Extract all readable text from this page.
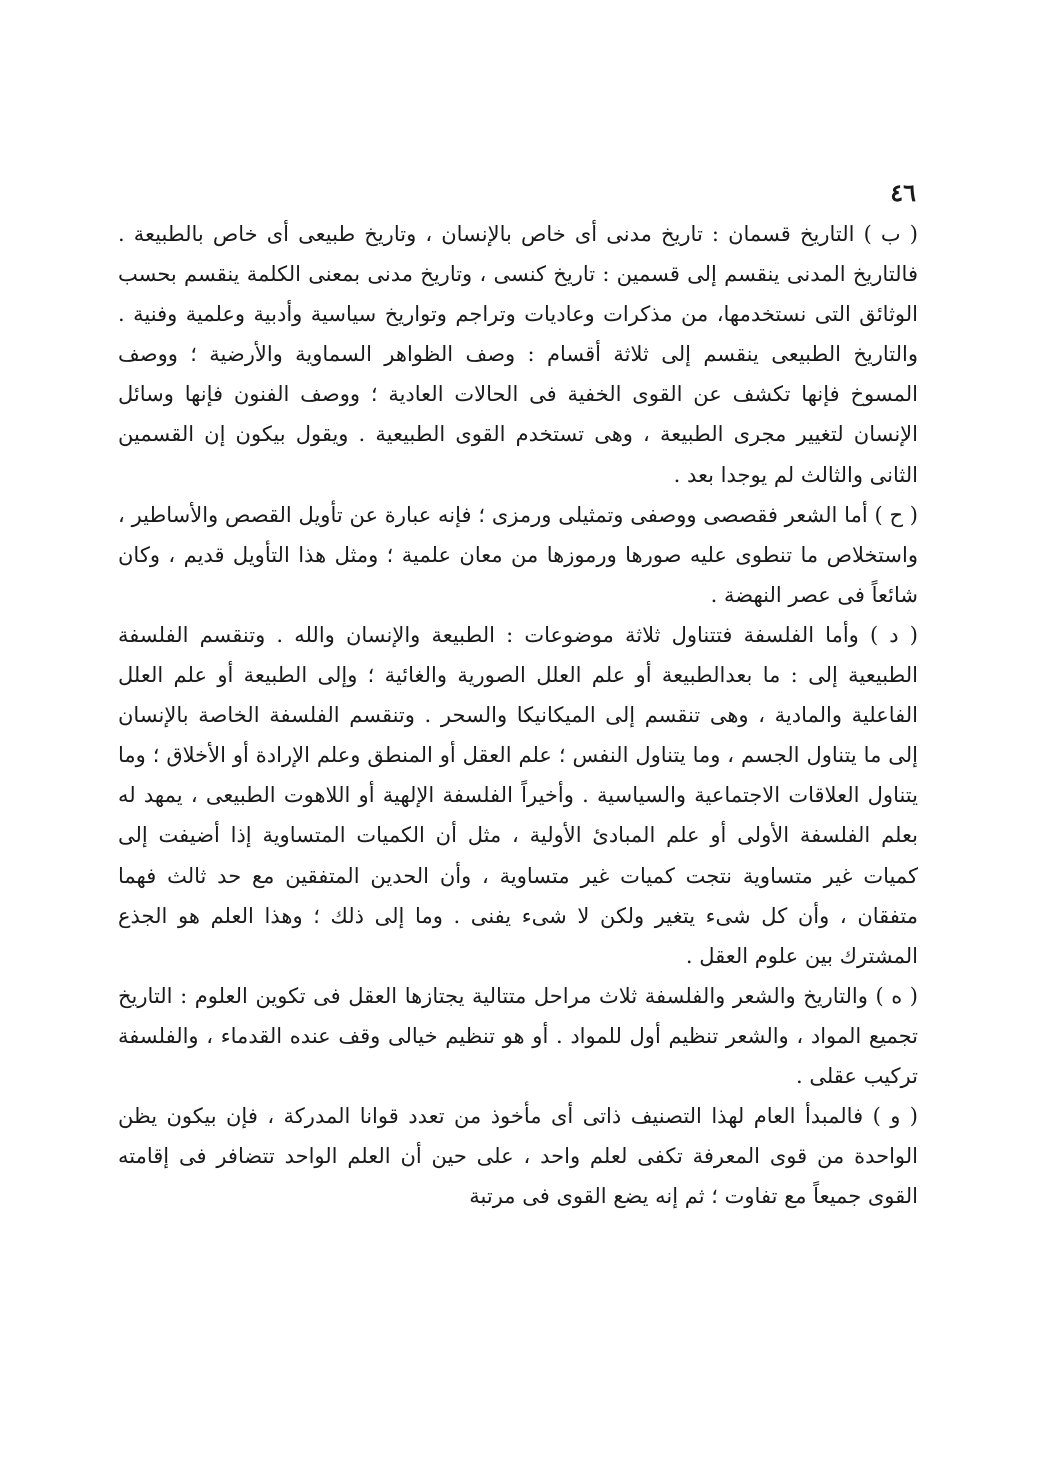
٤٦

( ب ) التاريخ قسمان : تاريخ مدنى أى خاص بالإنسان ، وتاريخ طبيعى أى خاص بالطبيعة . فالتاريخ المدنى ينقسم إلى قسمين : تاريخ كنسى ، وتاريخ مدنى بمعنى الكلمة ينقسم بحسب الوثائق التى نستخدمها، من مذكرات وعاديات وتراجم وتواريخ سياسية وأدبية وعلمية وفنية . والتاريخ الطبيعى ينقسم إلى ثلاثة أقسام : وصف الظواهر السماوية والأرضية ؛ ووصف المسوخ فإنها تكشف عن القوى الخفية فى الحالات العادية ؛ ووصف الفنون فإنها وسائل الإنسان لتغيير مجرى الطبيعة ، وهى تستخدم القوى الطبيعية . ويقول بيكون إن القسمين الثانى والثالث لم يوجدا بعد .

( ح ) أما الشعر فقصصى ووصفى وتمثيلى ورمزى ؛ فإنه عبارة عن تأويل القصص والأساطير ، واستخلاص ما تنطوى عليه صورها ورموزها من معان علمية ؛ ومثل هذا التأويل قديم ، وكان شائعاً فى عصر النهضة .

( د ) وأما الفلسفة فتتناول ثلاثة موضوعات : الطبيعة والإنسان والله . وتنقسم الفلسفة الطبيعية إلى : ما بعدالطبيعة أو علم العلل الصورية والغائية ؛ وإلى الطبيعة أو علم العلل الفاعلية والمادية ، وهى تنقسم إلى الميكانيكا والسحر . وتنقسم الفلسفة الخاصة بالإنسان إلى ما يتناول الجسم ، وما يتناول النفس ؛ علم العقل أو المنطق وعلم الإرادة أو الأخلاق ؛ وما يتناول العلاقات الاجتماعية والسياسية . وأخيراً الفلسفة الإلهية أو اللاهوت الطبيعى ، يمهد له بعلم الفلسفة الأولى أو علم المبادئ الأولية ، مثل أن الكميات المتساوية إذا أضيفت إلى كميات غير متساوية نتجت كميات غير متساوية ، وأن الحدين المتفقين مع حد ثالث فهما متفقان ، وأن كل شىء يتغير ولكن لا شىء يفنى . وما إلى ذلك ؛ وهذا العلم هو الجذع المشترك بين علوم العقل .

( ه ) والتاريخ والشعر والفلسفة ثلاث مراحل متتالية يجتازها العقل فى تكوين العلوم : التاريخ تجميع المواد ، والشعر تنظيم أول للمواد . أو هو تنظيم خيالى وقف عنده القدماء ، والفلسفة تركيب عقلى .

( و ) فالمبدأ العام لهذا التصنيف ذاتى أى مأخوذ من تعدد قوانا المدركة ، فإن بيكون يظن الواحدة من قوى المعرفة تكفى لعلم واحد ، على حين أن العلم الواحد تتضافر فى إقامته القوى جميعاً مع تفاوت ؛ ثم إنه يضع القوى فى مرتبة
